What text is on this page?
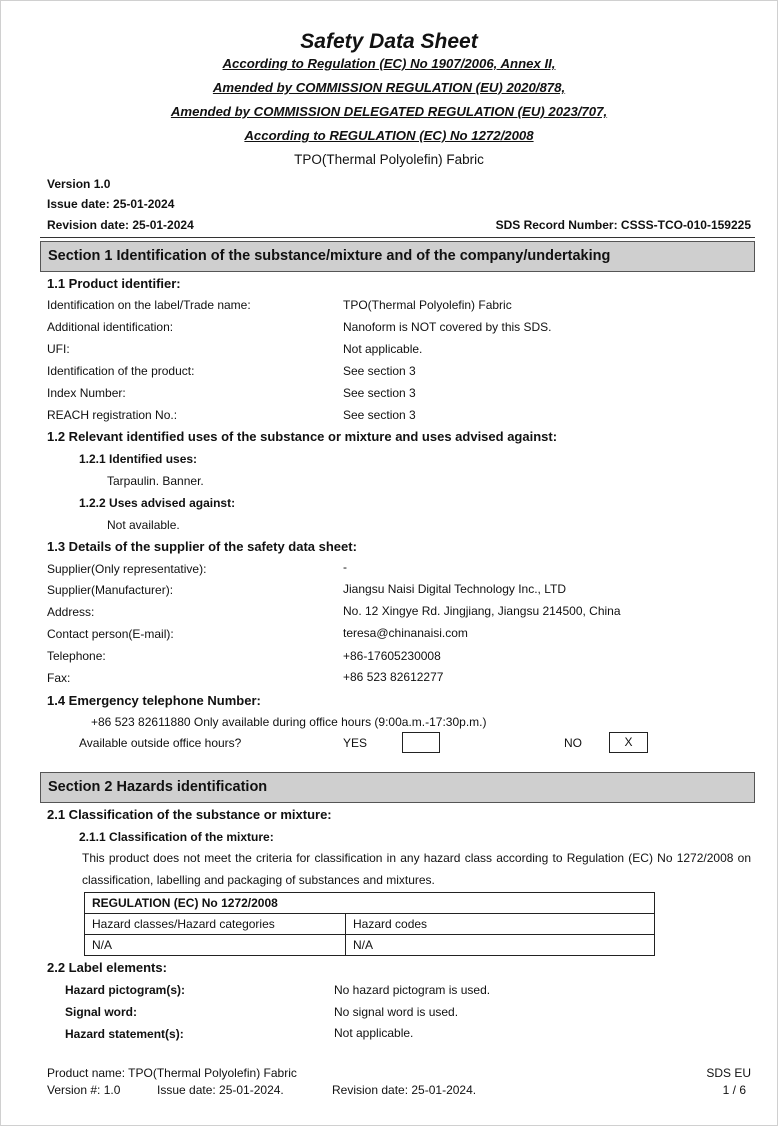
Safety Data Sheet
According to Regulation (EC) No 1907/2006, Annex II,
Amended by COMMISSION REGULATION (EU) 2020/878,
Amended by COMMISSION DELEGATED REGULATION (EU) 2023/707,
According to REGULATION (EC) No 1272/2008
TPO(Thermal Polyolefin) Fabric
Version 1.0
Issue date: 25-01-2024
Revision date: 25-01-2024	SDS Record Number: CSSS-TCO-010-159225
Section 1 Identification of the substance/mixture and of the company/undertaking
1.1 Product identifier:
Identification on the label/Trade name:	TPO(Thermal Polyolefin) Fabric
Additional identification:	Nanoform is NOT covered by this SDS.
UFI:	Not applicable.
Identification of the product:	See section 3
Index Number:	See section 3
REACH registration No.:	See section 3
1.2 Relevant identified uses of the substance or mixture and uses advised against:
1.2.1 Identified uses:
Tarpaulin. Banner.
1.2.2 Uses advised against:
Not available.
1.3 Details of the supplier of the safety data sheet:
Supplier(Only representative):	-
Supplier(Manufacturer):	Jiangsu Naisi Digital Technology Inc., LTD
Address:	No. 12 Xingye Rd. Jingjiang, Jiangsu 214500, China
Contact person(E-mail):	teresa@chinanaisi.com
Telephone:	+86-17605230008
Fax:	+86 523 82612277
1.4 Emergency telephone Number:
+86 523 82611880 Only available during office hours (9:00a.m.-17:30p.m.)
Available outside office hours?	YES	NO	X
Section 2 Hazards identification
2.1 Classification of the substance or mixture:
2.1.1 Classification of the mixture:
This product does not meet the criteria for classification in any hazard class according to Regulation (EC) No 1272/2008 on classification, labelling and packaging of substances and mixtures.
REGULATION (EC) No 1272/2008	
Hazard classes/Hazard categories	Hazard codes
N/A	N/A
2.2 Label elements:
Hazard pictogram(s):	No hazard pictogram is used.
Signal word:	No signal word is used.
Hazard statement(s):	Not applicable.
Product name: TPO(Thermal Polyolefin) Fabric	SDS EU
Version #: 1.0	Issue date: 25-01-2024.	Revision date: 25-01-2024.	1 / 6
